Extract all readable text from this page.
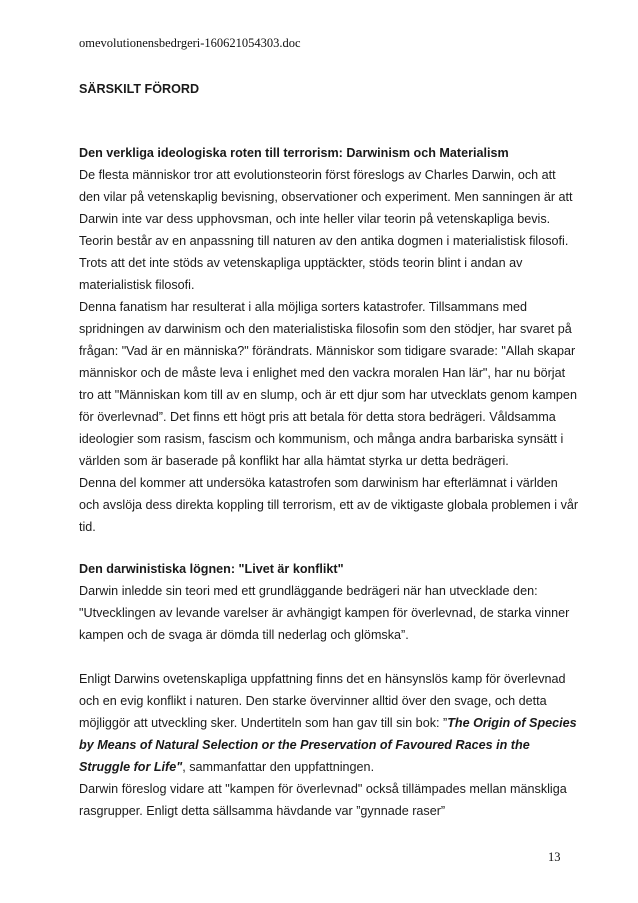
omevolutionensbedrgeri-160621054303.doc

SÄRSKILT FÖRORD

Den verkliga ideologiska roten till terrorism: Darwinism och Materialism

De flesta människor tror att evolutionsteorin först föreslogs av Charles Darwin, och att den vilar på vetenskaplig bevisning, observationer och experiment. Men sanningen är att Darwin inte var dess upphovsman, och inte heller vilar teorin på vetenskapliga bevis. Teorin består av en anpassning till naturen av den antika dogmen i materialistisk filosofi. Trots att det inte stöds av vetenskapliga upptäckter, stöds teorin blint i andan av materialistisk filosofi.

Denna fanatism har resulterat i alla möjliga sorters katastrofer. Tillsammans med spridningen av darwinism och den materialistiska filosofin som den stödjer, har svaret på frågan: "Vad är en människa?" förändrats. Människor som tidigare svarade: "Allah skapar människor och de måste leva i enlighet med den vackra moralen Han lär", har nu börjat tro att "Människan kom till av en slump, och är ett djur som har utvecklats genom kampen för överlevnad”. Det finns ett högt pris att betala för detta stora bedrägeri. Våldsamma ideologier som rasism, fascism och kommunism, och många andra barbariska synsätt i världen som är baserade på konflikt har alla hämtat styrka ur detta bedrägeri.

Denna del kommer att undersöka katastrofen som darwinism har efterlämnat i världen och avslöja dess direkta koppling till terrorism, ett av de viktigaste globala problemen i vår tid.

Den darwinistiska lögnen: "Livet är konflikt"

Darwin inledde sin teori med ett grundläggande bedrägeri när han utvecklade den: "Utvecklingen av levande varelser är avhängigt kampen för överlevnad, de starka vinner kampen och de svaga är dömda till nederlag och glömska”.

Enligt Darwins ovetenskapliga uppfattning finns det en hänsynslös kamp för överlevnad och en evig konflikt i naturen. Den starke övervinner alltid över den svage, och detta möjliggör att utveckling sker. Undertiteln som han gav till sin bok: ”The Origin of Species by Means of Natural Selection or the Preservation of Favoured Races in the Struggle for Life", sammanfattar den uppfattningen.

Darwin föreslog vidare att "kampen för överlevnad" också tillämpades mellan mänskliga rasgrupper. Enligt detta sällsamma hävdande var ”gynnade raser”

13
